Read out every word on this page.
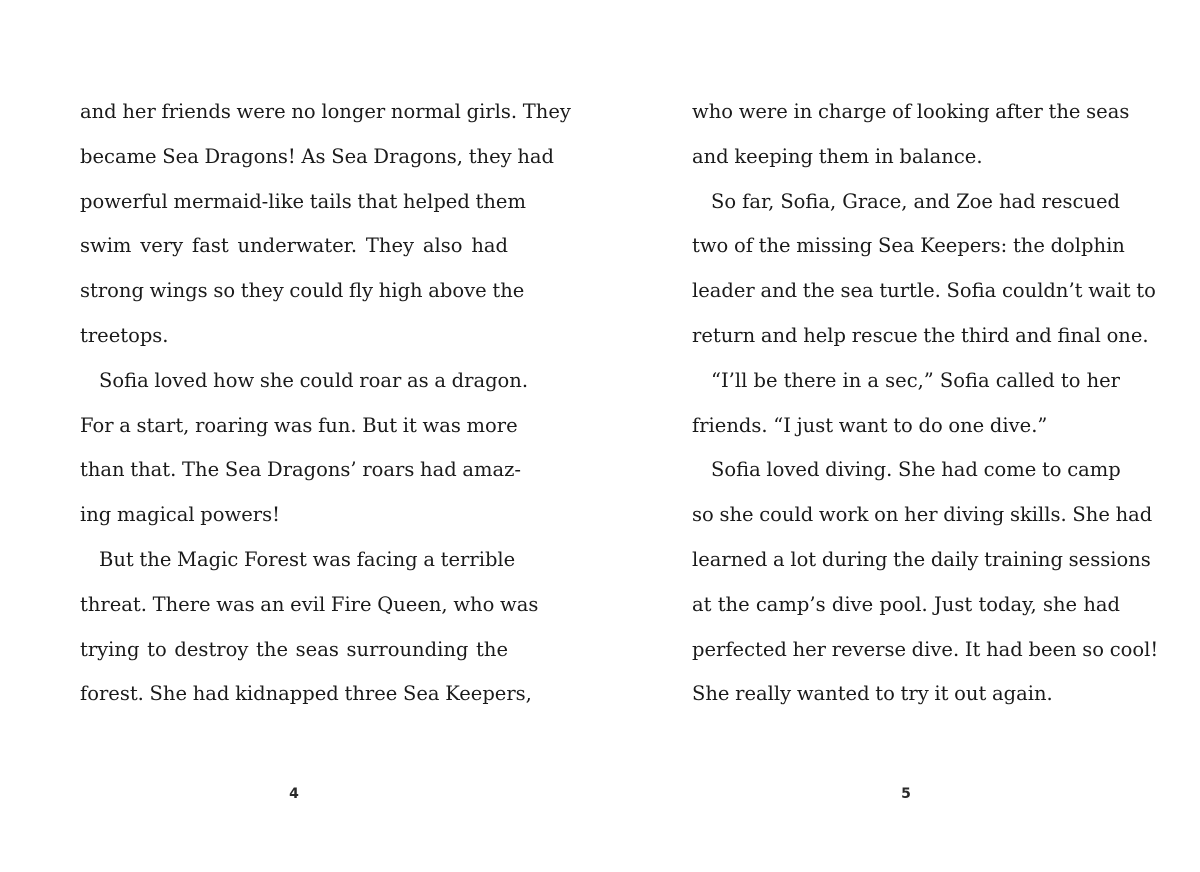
and her friends were no longer normal girls. They
became Sea Dragons! As Sea Dragons, they had
powerful mermaid-like tails that helped them
swim very fast underwater. They also had
strong wings so they could fly high above the
treetops.
Sofia loved how she could roar as a dragon.
For a start, roaring was fun. But it was more
than that. The Sea Dragons’ roars had amaz-
ing magical powers!
But the Magic Forest was facing a terrible
threat. There was an evil Fire Queen, who was
trying to destroy the seas surrounding the
forest. She had kidnapped three Sea Keepers,
who were in charge of looking after the seas
and keeping them in balance.
So far, Sofia, Grace, and Zoe had rescued
two of the missing Sea Keepers: the dolphin
leader and the sea turtle. Sofia couldn’t wait to
return and help rescue the third and final one.
“I’ll be there in a sec,” Sofia called to her
friends. “I just want to do one dive.”
Sofia loved diving. She had come to camp
so she could work on her diving skills. She had
learned a lot during the daily training sessions
at the camp’s dive pool. Just today, she had
perfected her reverse dive. It had been so cool!
She really wanted to try it out again.
4	5
